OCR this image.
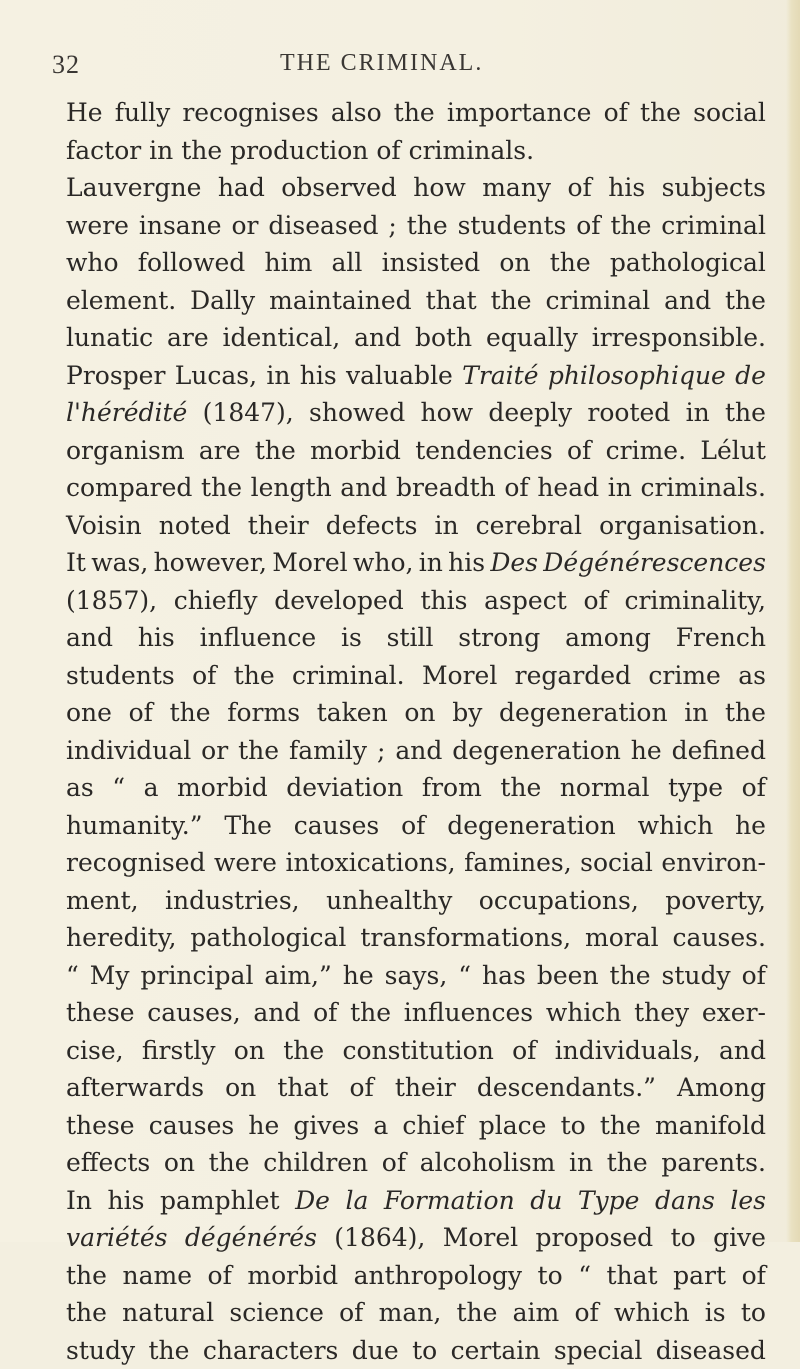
32	THE CRIMINAL.
He fully recognises also the importance of the social
factor in the production of criminals.
Lauvergne had observed how many of his subjects
were insane or diseased ; the students of the criminal
who followed him all insisted on the pathological
element. Dally maintained that the criminal and the
lunatic are identical, and both equally irresponsible.
Prosper Lucas, in his valuable Traité philosophique de
l'hérédité (1847), showed how deeply rooted in the
organism are the morbid tendencies of crime. Lélut
compared the length and breadth of head in criminals.
Voisin noted their defects in cerebral organisation.
It was, however, Morel who, in his Des Dégénérescences
(1857), chiefly developed this aspect of criminality,
and his influence is still strong among French
students of the criminal. Morel regarded crime as
one of the forms taken on by degeneration in the
individual or the family ; and degeneration he defined
as “ a morbid deviation from the normal type of
humanity.” The causes of degeneration which he
recognised were intoxications, famines, social environ-
ment, industries, unhealthy occupations, poverty,
heredity, pathological transformations, moral causes.
“ My principal aim,” he says, “ has been the study of
these causes, and of the influences which they exer-
cise, firstly on the constitution of individuals, and
afterwards on that of their descendants.” Among
these causes he gives a chief place to the manifold
effects on the children of alcoholism in the parents.
In his pamphlet De la Formation du Type dans les
variétés dégénérés (1864), Morel proposed to give
the name of morbid anthropology to “ that part of
the natural science of man, the aim of which is to
study the characters due to certain special diseased
